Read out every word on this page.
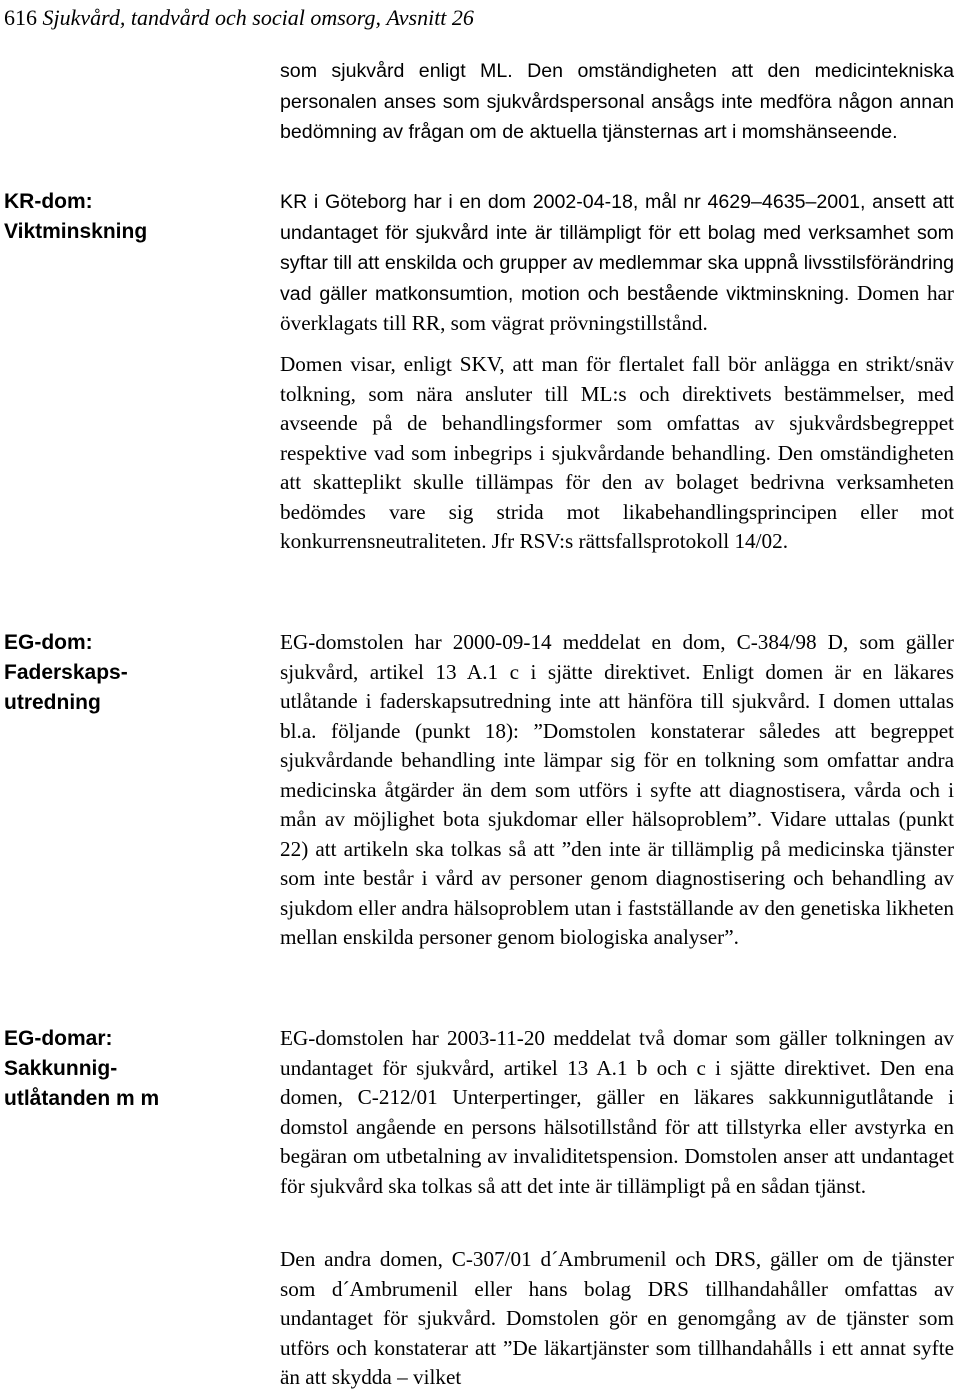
616 Sjukvård, tandvård och social omsorg, Avsnitt 26
KR-dom:
Viktminskning
EG-dom:
Faderskaps-
utredning
EG-domar:
Sakkunnig-
utlåtanden m m

som sjukvård enligt ML. Den omständigheten att den medicintekniska personalen anses som sjukvårdspersonal ansågs inte medföra någon annan bedömning av frågan om de aktuella tjänsternas art i momshänseende.

KR i Göteborg har i en dom 2002-04-18, mål nr 4629–4635–2001, ansett att undantaget för sjukvård inte är tillämpligt för ett bolag med verksamhet som syftar till att enskilda och grupper av medlemmar ska uppnå livsstilsförändring vad gäller matkonsumtion, motion och bestående viktminskning. Domen har överklagats till RR, som vägrat prövningstillstånd.

Domen visar, enligt SKV, att man för flertalet fall bör anlägga en strikt/snäv tolkning, som nära ansluter till ML:s och direktivets bestämmelser, med avseende på de behandlingsformer som omfattas av sjukvårdsbegreppet respektive vad som inbegrips i sjukvårdande behandling. Den omständigheten att skatteplikt skulle tillämpas för den av bolaget bedrivna verksamheten bedömdes vare sig strida mot likabehandlingsprincipen eller mot konkurrensneutraliteten. Jfr RSV:s rättsfallsprotokoll 14/02.

EG-domstolen har 2000-09-14 meddelat en dom, C-384/98 D, som gäller sjukvård, artikel 13 A.1 c i sjätte direktivet. Enligt domen är en läkares utlåtande i faderskapsutredning inte att hänföra till sjukvård. I domen uttalas bl.a. följande (punkt 18): ”Domstolen konstaterar således att begreppet sjukvårdande behandling inte lämpar sig för en tolkning som omfattar andra medicinska åtgärder än dem som utförs i syfte att diagnostisera, vårda och i mån av möjlighet bota sjukdomar eller hälsoproblem”. Vidare uttalas (punkt 22) att artikeln ska tolkas så att ”den inte är tillämplig på medicinska tjänster som inte består i vård av personer genom diagnostisering och behandling av sjukdom eller andra hälsoproblem utan i fastställande av den genetiska likheten mellan enskilda personer genom biologiska analyser”.

EG-domstolen har 2003-11-20 meddelat två domar som gäller tolkningen av undantaget för sjukvård, artikel 13 A.1 b och c i sjätte direktivet. Den ena domen, C-212/01 Unterpertinger, gäller en läkares sakkunnigutlåtande i domstol angående en persons hälsotillstånd för att tillstyrka eller avstyrka en begäran om utbetalning av invaliditetspension. Domstolen anser att undantaget för sjukvård ska tolkas så att det inte är tillämpligt på en sådan tjänst.

Den andra domen, C-307/01 d´Ambrumenil och DRS, gäller om de tjänster som d´Ambrumenil eller hans bolag DRS tillhandahåller omfattas av undantaget för sjukvård. Domstolen gör en genomgång av de tjänster som utförs och konstaterar att ”De läkartjänster som tillhandahålls i ett annat syfte än att skydda – vilket
